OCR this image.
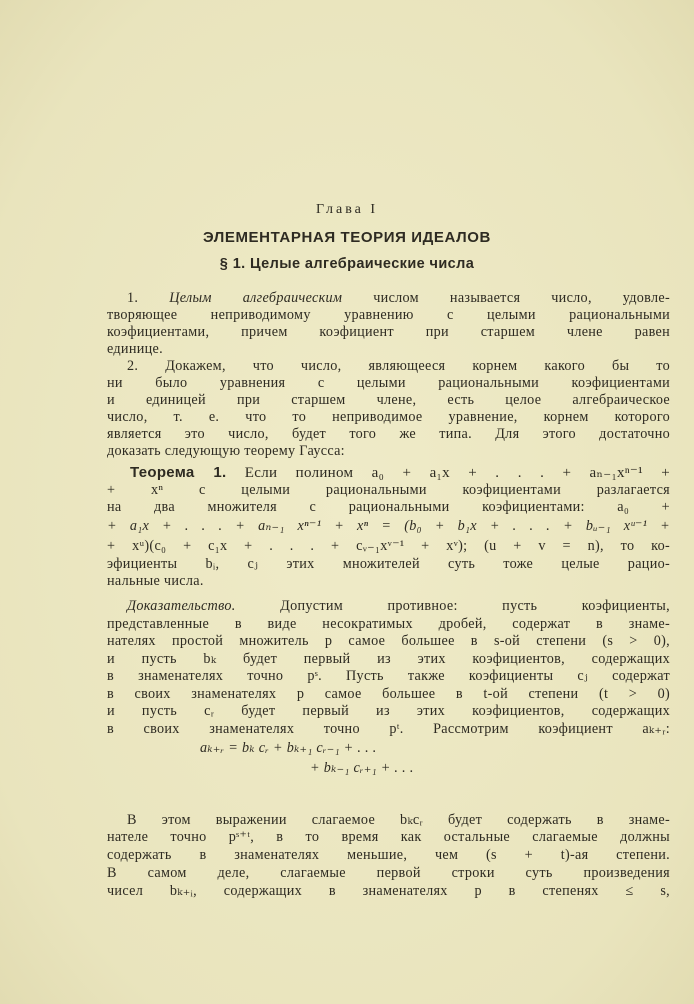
Глава I
ЭЛЕМЕНТАРНАЯ ТЕОРИЯ ИДЕАЛОВ
§ 1. Целые алгебраические числа
1. Целым алгебраическим числом называется число, удовле-
творяющее неприводимому уравнению с целыми рациональными
коэфициентами, причем коэфициент при старшем члене равен
единице.
2. Докажем, что число, являющееся корнем какого бы то
ни было уравнения с целыми рациональными коэфициентами
и единицей при старшем члене, есть целое алгебраическое
число, т. е. что то неприводимое уравнение, корнем которого
является это число, будет того же типа. Для этого достаточно
доказать следующую теорему Гаусса:
Теорема 1. Если полином a₀ + a₁x + . . . + aₙ₋₁xⁿ⁻¹ +
+ xⁿ с целыми рациональными коэфициентами разлагается
на два множителя с рациональными коэфициентами: a₀ +
+ a₁x + . . . + aₙ₋₁ xⁿ⁻¹ + xⁿ = (b₀ + b₁x + . . . + bᵤ₋₁ xᵘ⁻¹ +
+ xᵘ)(c₀ + c₁x + . . . + cᵥ₋₁xᵛ⁻¹ + xᵛ); (u + v = n), то ко-
эфициенты bᵢ, cⱼ этих множителей суть тоже целые рацио-
нальные числа.
Доказательство. Допустим противное: пусть коэфициенты,
представленные в виде несократимых дробей, содержат в знаме-
нателях простой множитель p самое большее в s-ой степени (s > 0),
и пусть bₖ будет первый из этих коэфициентов, содержащих
в знаменателях точно pˢ. Пусть также коэфициенты cⱼ содержат
в своих знаменателях p самое большее в t-ой степени (t > 0)
и пусть cᵣ будет первый из этих коэфициентов, содержащих
в своих знаменателях точно pᵗ. Рассмотрим коэфициент aₖ₊ᵣ:
aₖ₊ᵣ = bₖ cᵣ + bₖ₊₁ cᵣ₋₁ + . . .
+ bₖ₋₁ cᵣ₊₁ + . . .
В этом выражении слагаемое bₖcᵣ будет содержать в знаме-
нателе точно pˢ⁺ᵗ, в то время как остальные слагаемые должны
содержать в знаменателях меньшие, чем (s + t)-ая степени.
В самом деле, слагаемые первой строки суть произведения
чисел bₖ₊ᵢ, содержащих в знаменателях p в степенях ≤ s,
